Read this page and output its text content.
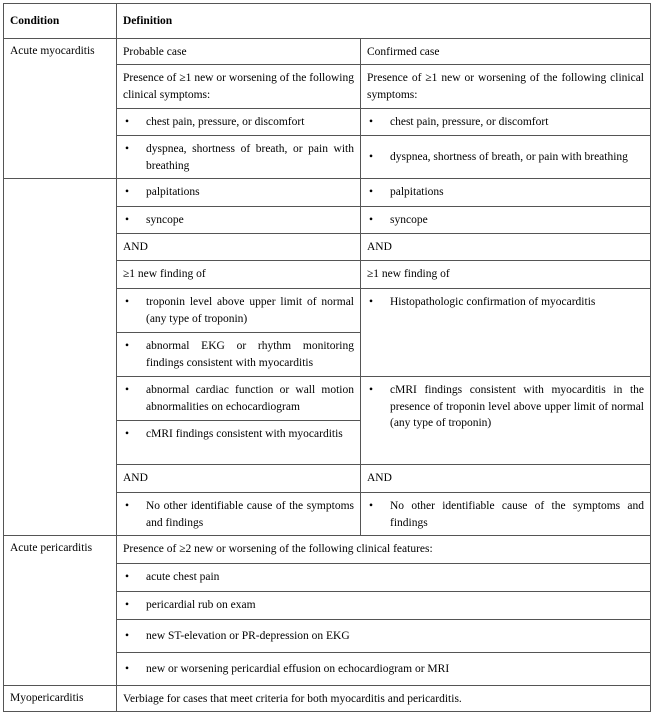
Condition	Definition	
Acute myocarditis	Probable case	Confirmed case
	Presence of ≥1 new or worsening of the following clinical symptoms:	Presence of ≥1 new or worsening of the following clinical symptoms:

	• chest pain, pressure, or discomfort	• chest pain, pressure, or discomfort

	• dyspnea, shortness of breath, or pain with breathing	• dyspnea, shortness of breath, or pain with breathing

	• palpitations	• palpitations

	• syncope	• syncope

	AND	AND
	≥1 new finding of	≥1 new finding of

	• troponin level above upper limit of normal (any type of troponin)	• Histopathologic confirmation of myocarditis

	• abnormal EKG or rhythm monitoring findings consistent with myocarditis	

	• abnormal cardiac function or wall motion abnormalities on echocardiogram	• cMRI findings consistent with myocarditis in the presence of troponin level above upper limit of normal (any type of troponin)

	• cMRI findings consistent with myocarditis	

	AND	AND

	• No other identifiable cause of the symptoms and findings	• No other identifiable cause of the symptoms and findings

Acute pericarditis	Presence of ≥2 new or worsening of the following clinical features:	

	• acute chest pain	

	• pericardial rub on exam	

	• new ST-elevation or PR-depression on EKG	

	• new or worsening pericardial effusion on echocardiogram or MRI	

Myopericarditis	Verbiage for cases that meet criteria for both myocarditis and pericarditis.	
